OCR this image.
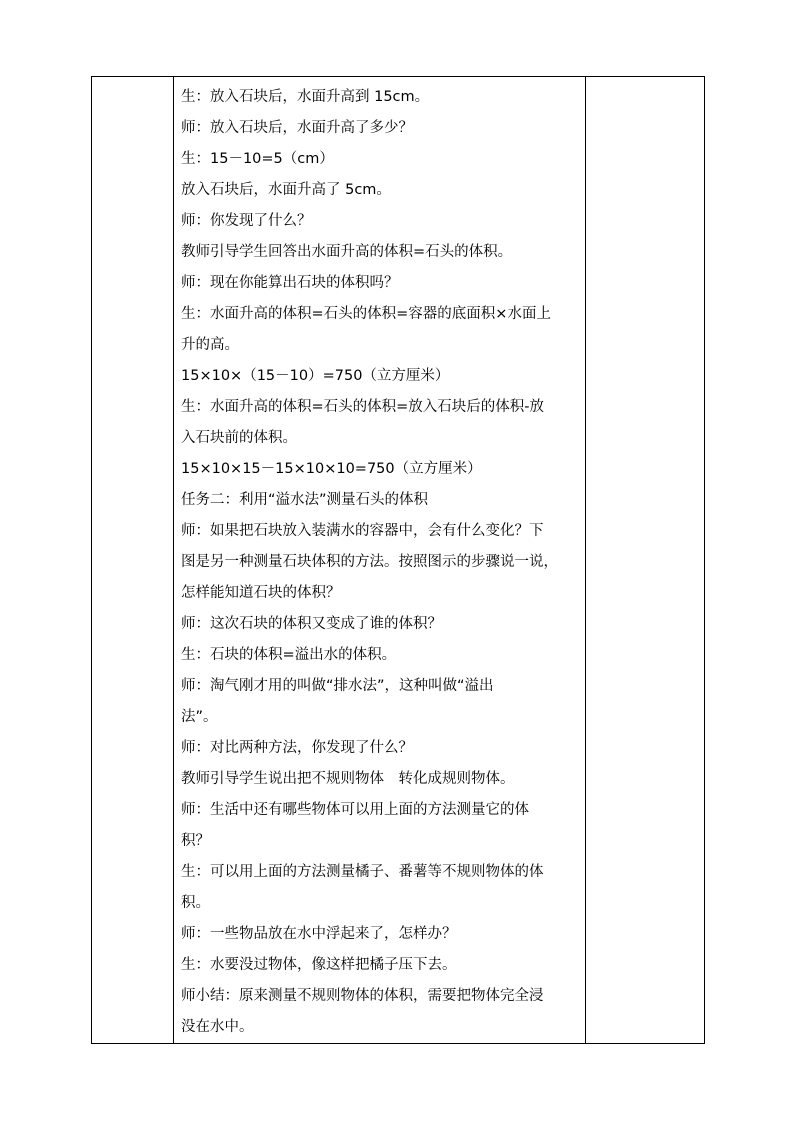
生：放入石块后，水面升高到 15cm。
师：放入石块后，水面升高了多少？
生：15－10=5（cm）
放入石块后，水面升高了 5cm。
师：你发现了什么？
教师引导学生回答出水面升高的体积=石头的体积。
师：现在你能算出石块的体积吗？
生：水面升高的体积=石头的体积=容器的底面积×水面上
升的高。
15×10×（15－10）=750（立方厘米）
生：水面升高的体积=石头的体积=放入石块后的体积-放
入石块前的体积。
15×10×15－15×10×10=750（立方厘米）
任务二：利用“溢水法”测量石头的体积
师：如果把石块放入装满水的容器中，会有什么变化？下
图是另一种测量石块体积的方法。按照图示的步骤说一说，
怎样能知道石块的体积？
师：这次石块的体积又变成了谁的体积？
生：石块的体积=溢出水的体积。
师：淘气刚才用的叫做“排水法”，这种叫做“溢出
法”。
师：对比两种方法，你发现了什么？
教师引导学生说出把不规则物体　转化成规则物体。
师：生活中还有哪些物体可以用上面的方法测量它的体
积？
生：可以用上面的方法测量橘子、番薯等不规则物体的体
积。
师：一些物品放在水中浮起来了，怎样办？
生：水要没过物体，像这样把橘子压下去。
师小结：原来测量不规则物体的体积，需要把物体完全浸
没在水中。
